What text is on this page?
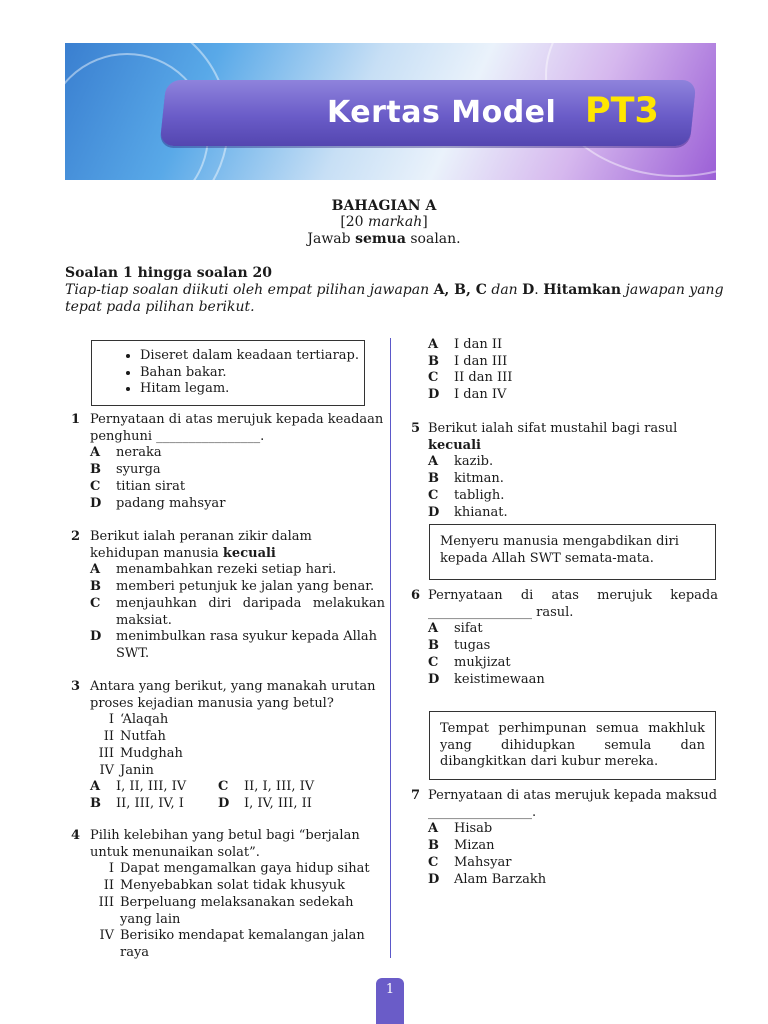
Kertas Model PT3
BAHAGIAN A
[20 markah]
Jawab semua soalan.
Soalan 1 hingga soalan 20
Tiap-tiap soalan diikuti oleh empat pilihan jawapan A, B, C dan D. Hitamkan jawapan yang tepat pada pilihan berikut.
• Diseret dalam keadaan tertiarap.
• Bahan bakar.
• Hitam legam.
1 Pernyataan di atas merujuk kepada keadaan penghuni ________________.
A	neraka
B	syurga
C	titian sirat
D	padang mahsyar
2 Berikut ialah peranan zikir dalam kehidupan manusia kecuali
A	menambahkan rezeki setiap hari.
B	memberi petunjuk ke jalan yang benar.
C	menjauhkan diri daripada melakukan maksiat.
D	menimbulkan rasa syukur kepada Allah SWT.
3 Antara yang berikut, yang manakah urutan proses kejadian manusia yang betul?
I ‘Alaqah
II Nutfah
III Mudghah
IV Janin
A	I, II, III, IV C	II, I, III, IV
B	II, III, IV, I	D	I, IV, III, II
4 Pilih kelebihan yang betul bagi “berjalan untuk menunaikan solat”.
I Dapat mengamalkan gaya hidup sihat
II Menyebabkan solat tidak khusyuk
III Berpeluang melaksanakan sedekah yang lain
IV Berisiko mendapat kemalangan jalan raya
A	I dan II
B	I dan III
C	II dan III
D	I dan IV
5 Berikut ialah sifat mustahil bagi rasul kecuali
A	kazib.
B	kitman.
C	tabligh.
D	khianat.
Menyeru manusia mengabdikan diri kepada Allah SWT semata-mata.
6 Pernyataan di atas merujuk kepada ________________ rasul.
A	sifat
B	tugas
C	mukjizat
D	keistimewaan
Tempat perhimpunan semua makhluk yang dihidupkan semula dan dibangkitkan dari kubur mereka.
7 Pernyataan di atas merujuk kepada maksud ________________.
A	Hisab
B	Mizan
C	Mahsyar
D	Alam Barzakh
1
